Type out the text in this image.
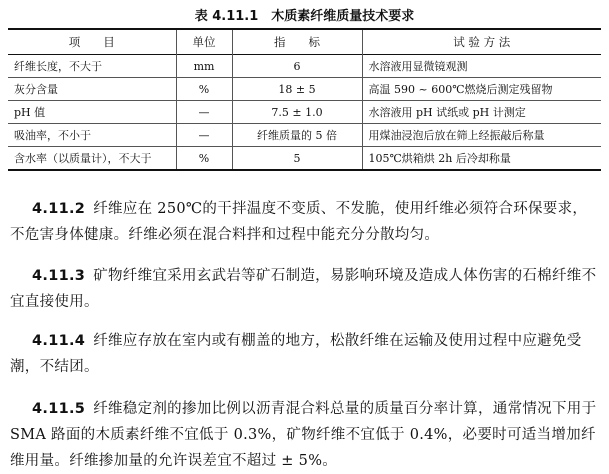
表 4.11.1　木质素纤维质量技术要求
项　　目	单位	指　　标	试 验 方 法
纤维长度，不大于	mm	6	水溶液用显微镜观测
灰分含量	%	18 ± 5	高温 590 ~ 600℃燃烧后测定残留物
pH 值	—	7.5 ± 1.0	水溶液用 pH 试纸或 pH 计测定
吸油率，不小于	—	纤维质量的 5 倍	用煤油浸泡后放在筛上经振敲后称量
含水率（以质量计），不大于	%	5	105℃烘箱烘 2h 后冷却称量

4.11.2 纤维应在 250℃的干拌温度不变质、不发脆，使用纤维必须符合环保要求，不危害身体健康。纤维必须在混合料拌和过程中能充分分散均匀。

4.11.3 矿物纤维宜采用玄武岩等矿石制造，易影响环境及造成人体伤害的石棉纤维不宜直接使用。

4.11.4 纤维应存放在室内或有棚盖的地方，松散纤维在运输及使用过程中应避免受潮，不结团。

4.11.5 纤维稳定剂的掺加比例以沥青混合料总量的质量百分率计算，通常情况下用于 SMA 路面的木质素纤维不宜低于 0.3%，矿物纤维不宜低于 0.4%，必要时可适当增加纤维用量。纤维掺加量的允许误差宜不超过 ± 5%。
